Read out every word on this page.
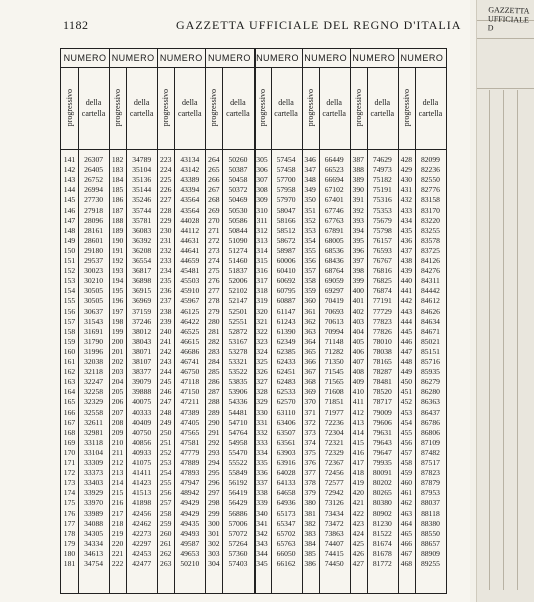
1182	GAZZETTA UFFICIALE DEL REGNO D'ITALIA
NUMERO NUMERO NUMERO NUMERO NUMERO NUMERO NUMERO NUMERO
progressivo	della cartella progressivo	della cartella progressivo	della cartella progressivo	della cartella progressivo	della cartella progressivo	della cartella progressivo	della cartella progressivo	della cartella
141	26307	182	34789	223	43134	264	50260	305	57454	346	66449	387	74629	428	82099
142	26405	183	35104	224	43142	265	50387	306	57458	347	66523	388	74973	429	82236
143	26752	184	35136	225	43389	266	50458	307	57700	348	66694	389	75182	430	82550
144	26994	185	35144	226	43394	267	50372	308	57958	349	67102	390	75191	431	82776
145	27730	186	35246	227	43564	268	50469	309	57970	350	67401	391	75316	432	83158
146	27918	187	35744	228	43564	269	50530	310	58047	351	67746	392	75353	433	83170
147	28096	188	35781	229	44028	270	50586	311	58166	352	67763	393	75679	434	83220
148	28161	189	36083	230	44112	271	50844	312	58512	353	67891	394	75798	435	83255
149	28601	190	36392	231	44631	272	51090	313	58672	354	68005	395	76157	436	83578
150	29180	191	36208	232	44641	273	51274	314	58987	355	68536	396	76593	437	83725
151	29537	192	36554	233	44659	274	51460	315	60006	356	68436	397	76767	438	84126
152	30023	193	36817	234	45481	275	51837	316	60410	357	68764	398	76816	439	84276
153	30210	194	36898	235	45503	276	52006	317	60692	358	69059	399	76825	440	84311
154	30505	195	36915	236	45910	277	52102	318	60795	359	69297	400	76874	441	84442
155	30505	196	36969	237	45967	278	52147	319	60887	360	70419	401	77191	442	84612
156	30637	197	37159	238	46125	279	52501	320	61147	361	70693	402	77729	443	84626
157	31543	198	37246	239	46422	280	52551	321	61243	362	70613	403	77823	444	84634
158	31691	199	38012	240	46525	281	52872	322	61390	363	70994	404	77826	445	84671
159	31790	200	38043	241	46615	282	53167	323	62349	364	71148	405	78010	446	85021
160	31996	201	38071	242	46686	283	53278	324	62385	365	71282	406	78038	447	85151
161	32038	202	38107	243	46741	284	53321	325	62433	366	71350	407	78165	448	85716
162	32118	203	38377	244	46750	285	53522	326	62451	367	71545	408	78287	449	85935
163	32247	204	39079	245	47118	286	53835	327	62483	368	71565	409	78481	450	86279
164	32258	205	39888	246	47150	287	53906	328	62533	369	71608	410	78520	451	86280
165	32329	206	40075	247	47211	288	54336	329	62570	370	71851	411	78717	452	86363
166	32558	207	40333	248	47389	289	54481	330	63110	371	71977	412	79009	453	86437
167	32611	208	40409	249	47405	290	54710	331	63406	372	72236	413	79606	454	86786
168	32981	209	40750	250	47565	291	54764	332	63507	373	72304	414	79631	455	86806
169	33118	210	40856	251	47581	292	54958	333	63561	374	72321	415	79643	456	87109
170	33104	211	40933	252	47779	293	55470	334	63903	375	72329	416	79647	457	87482
171	33309	212	41075	253	47889	294	55522	335	63916	376	72367	417	79935	458	87517
172	33373	213	41411	254	47893	295	55849	336	64028	377	72456	418	80091	459	87823
173	33403	214	41423	255	47947	296	56192	337	64133	378	72577	419	80202	460	87879
174	33929	215	41513	256	48942	297	56419	338	64658	379	72942	420	80265	461	87953
175	33970	216	41898	257	49429	298	56429	339	64936	380	73126	421	80380	462	88037
176	33989	217	42456	258	49429	299	56886	340	65173	381	73434	422	80902	463	88118
177	34088	218	42462	259	49435	300	57006	341	65347	382	73472	423	81230	464	88380
178	34305	219	42273	260	49493	301	57072	342	65702	383	73863	424	81522	465	88550
179	34334	220	42297	261	49587	302	57264	343	65763	384	74407	425	81674	466	88657
180	34613	221	42453	262	49653	303	57360	344	66050	385	74415	426	81678	467	88909
181	34754	222	42477	263	50210	304	57403	345	66162	386	74450	427	81772	468	89255
GAZZETTA UFFICIALE D
